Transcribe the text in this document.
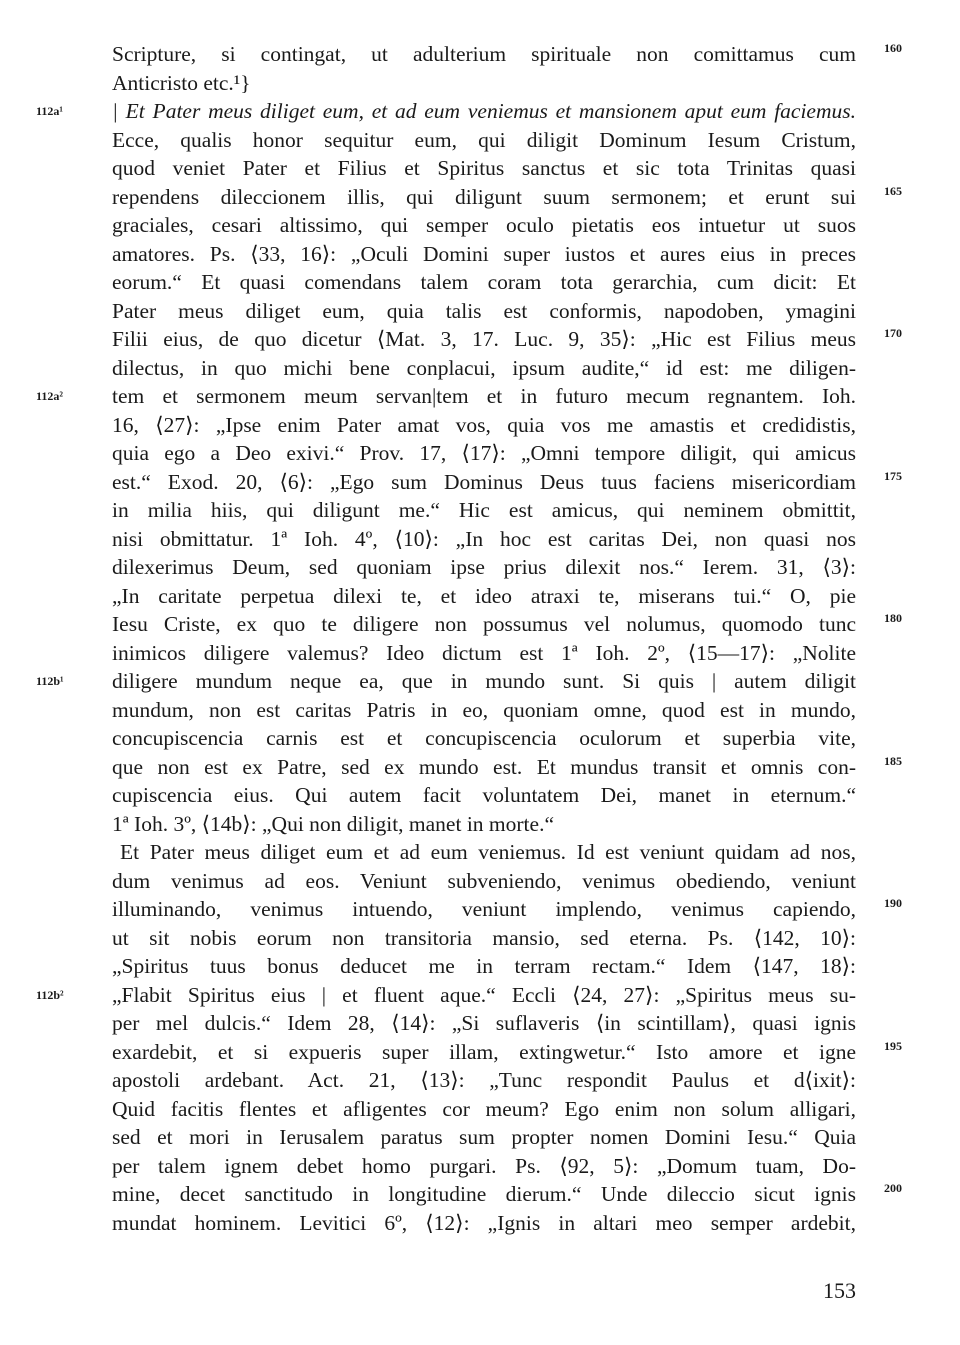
Scripture, si contingat, ut adulterium spirituale non comittamus cum
Anticristo etc.¹}
| Et Pater meus diliget eum, et ad eum veniemus et mansionem aput eum faciemus.
Ecce, qualis honor sequitur eum, qui diligit Dominum Iesum Cristum,
quod veniet Pater et Filius et Spiritus sanctus et sic tota Trinitas quasi
rependens dileccionem illis, qui diligunt suum sermonem; et erunt sui
graciales, cesari altissimo, qui semper oculo pietatis eos intuetur ut suos
amatores. Ps. ⟨33, 16⟩: „Oculi Domini super iustos et aures eius in preces
eorum.“ Et quasi comendans talem coram tota gerarchia, cum dicit: Et
Pater meus diliget eum, quia talis est conformis, napodoben, ymagini
Filii eius, de quo dicetur ⟨Mat. 3, 17. Luc. 9, 35⟩: „Hic est Filius meus
dilectus, in quo michi bene conplacui, ipsum audite,“ id est: me diligen-
tem et sermonem meum servan|tem et in futuro mecum regnantem. Ioh.
16, ⟨27⟩: „Ipse enim Pater amat vos, quia vos me amastis et credidistis,
quia ego a Deo exivi.“ Prov. 17, ⟨17⟩: „Omni tempore diligit, qui amicus
est.“ Exod. 20, ⟨6⟩: „Ego sum Dominus Deus tuus faciens misericordiam
in milia hiis, qui diligunt me.“ Hic est amicus, qui neminem obmittit,
nisi obmittatur. 1ª Ioh. 4º, ⟨10⟩: „In hoc est caritas Dei, non quasi nos
dilexerimus Deum, sed quoniam ipse prius dilexit nos.“ Ierem. 31, ⟨3⟩:
„In caritate perpetua dilexi te, et ideo atraxi te, miserans tui.“ O, pie
Iesu Criste, ex quo te diligere non possumus vel nolumus, quomodo tunc
inimicos diligere valemus? Ideo dictum est 1ª Ioh. 2º, ⟨15—17⟩: „Nolite
diligere mundum neque ea, que in mundo sunt. Si quis | autem diligit
mundum, non est caritas Patris in eo, quoniam omne, quod est in mundo,
concupiscencia carnis est et concupiscencia oculorum et superbia vite,
que non est ex Patre, sed ex mundo est. Et mundus transit et omnis con-
cupiscencia eius. Qui autem facit voluntatem Dei, manet in eternum.“
1ª Ioh. 3º, ⟨14b⟩: „Qui non diligit, manet in morte.“
Et Pater meus diliget eum et ad eum veniemus. Id est veniunt quidam ad nos,
dum venimus ad eos. Veniunt subveniendo, venimus obediendo, veniunt
illuminando, venimus intuendo, veniunt implendo, venimus capiendo,
ut sit nobis eorum non transitoria mansio, sed eterna. Ps. ⟨142, 10⟩:
„Spiritus tuus bonus deducet me in terram rectam.“ Idem ⟨147, 18⟩:
„Flabit Spiritus eius | et fluent aque.“ Eccli ⟨24, 27⟩: „Spiritus meus su-
per mel dulcis.“ Idem 28, ⟨14⟩: „Si suflaveris ⟨in scintillam⟩, quasi ignis
exardebit, et si expueris super illam, extingwetur.“ Isto amore et igne
apostoli ardebant. Act. 21, ⟨13⟩: „Tunc respondit Paulus et d⟨ixit⟩:
Quid facitis flentes et afligentes cor meum? Ego enim non solum alligari,
sed et mori in Ierusalem paratus sum propter nomen Domini Iesu.“ Quia
per talem ignem debet homo purgari. Ps. ⟨92, 5⟩: „Domum tuam, Do-
mine, decet sanctitudo in longitudine dierum.“ Unde dileccio sicut ignis
mundat hominem. Levitici 6º, ⟨12⟩: „Ignis in altari meo semper ardebit,
160
165
170
175
180
185
190
195
200
112a¹
112a²
112b¹
112b²
153
